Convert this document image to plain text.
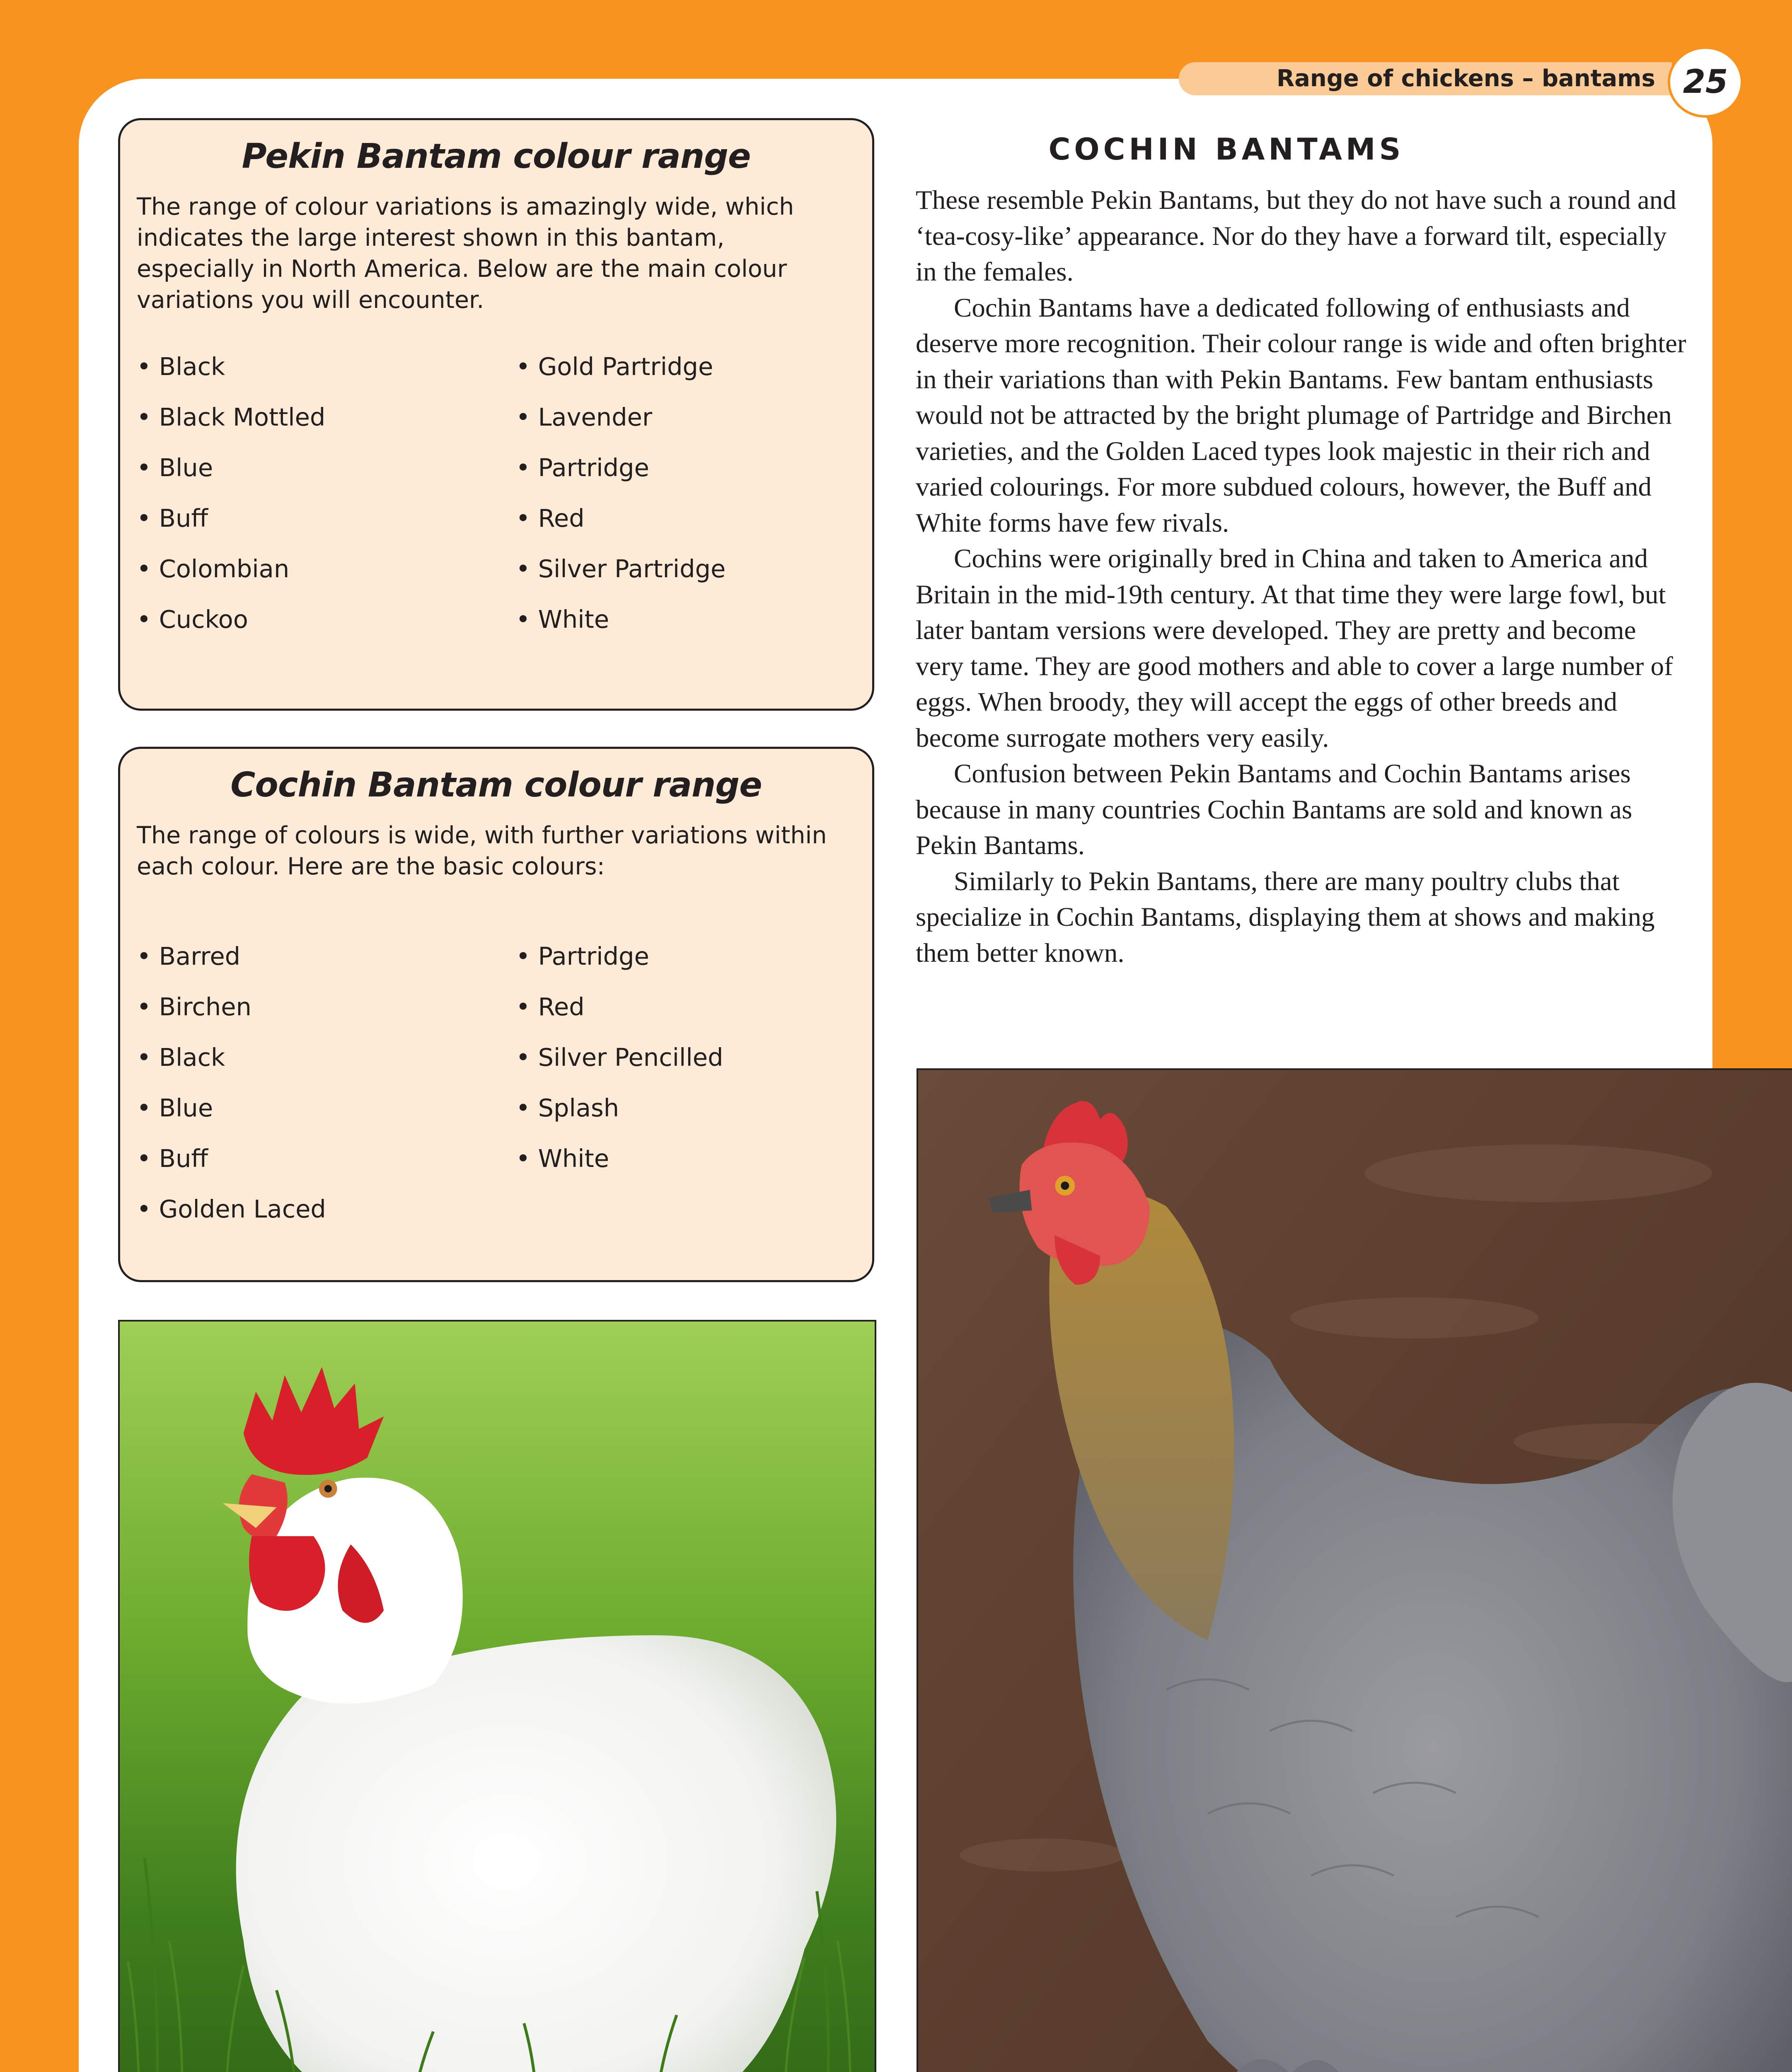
Range of chickens – bantams 25
Pekin Bantam colour range
The range of colour variations is amazingly wide, which indicates the large interest shown in this bantam, especially in North America. Below are the main colour variations you will encounter.
• Black
• Black Mottled
• Blue
• Buff
• Colombian
• Cuckoo
• Gold Partridge
• Lavender
• Partridge
• Red
• Silver Partridge
• White
Cochin Bantam colour range
The range of colours is wide, with further variations within each colour. Here are the basic colours:
• Barred
• Birchen
• Black
• Blue
• Buff
• Golden Laced
• Partridge
• Red
• Silver Pencilled
• Splash
• White
COCHIN BANTAMS

These resemble Pekin Bantams, but they do not have such a round and ‘tea-cosy-like’ appearance. Nor do they have a forward tilt, especially in the females.

Cochin Bantams have a dedicated following of enthusiasts and deserve more recognition. Their colour range is wide and often brighter in their variations than with Pekin Bantams. Few bantam enthusiasts would not be attracted by the bright plumage of Partridge and Birchen varieties, and the Golden Laced types look majestic in their rich and varied colourings. For more subdued colours, however, the Buff and White forms have few rivals.

Cochins were originally bred in China and taken to America and Britain in the mid-19th century. At that time they were large fowl, but later bantam versions were developed. They are pretty and become very tame. They are good mothers and able to cover a large number of eggs. When broody, they will accept the eggs of other breeds and become surrogate mothers very easily.

Confusion between Pekin Bantams and Cochin Bantams arises because in many countries Cochin Bantams are sold and known as Pekin Bantams.

Similarly to Pekin Bantams, there are many poultry clubs that specialize in Cochin Bantams, displaying them at shows and making them better known.
